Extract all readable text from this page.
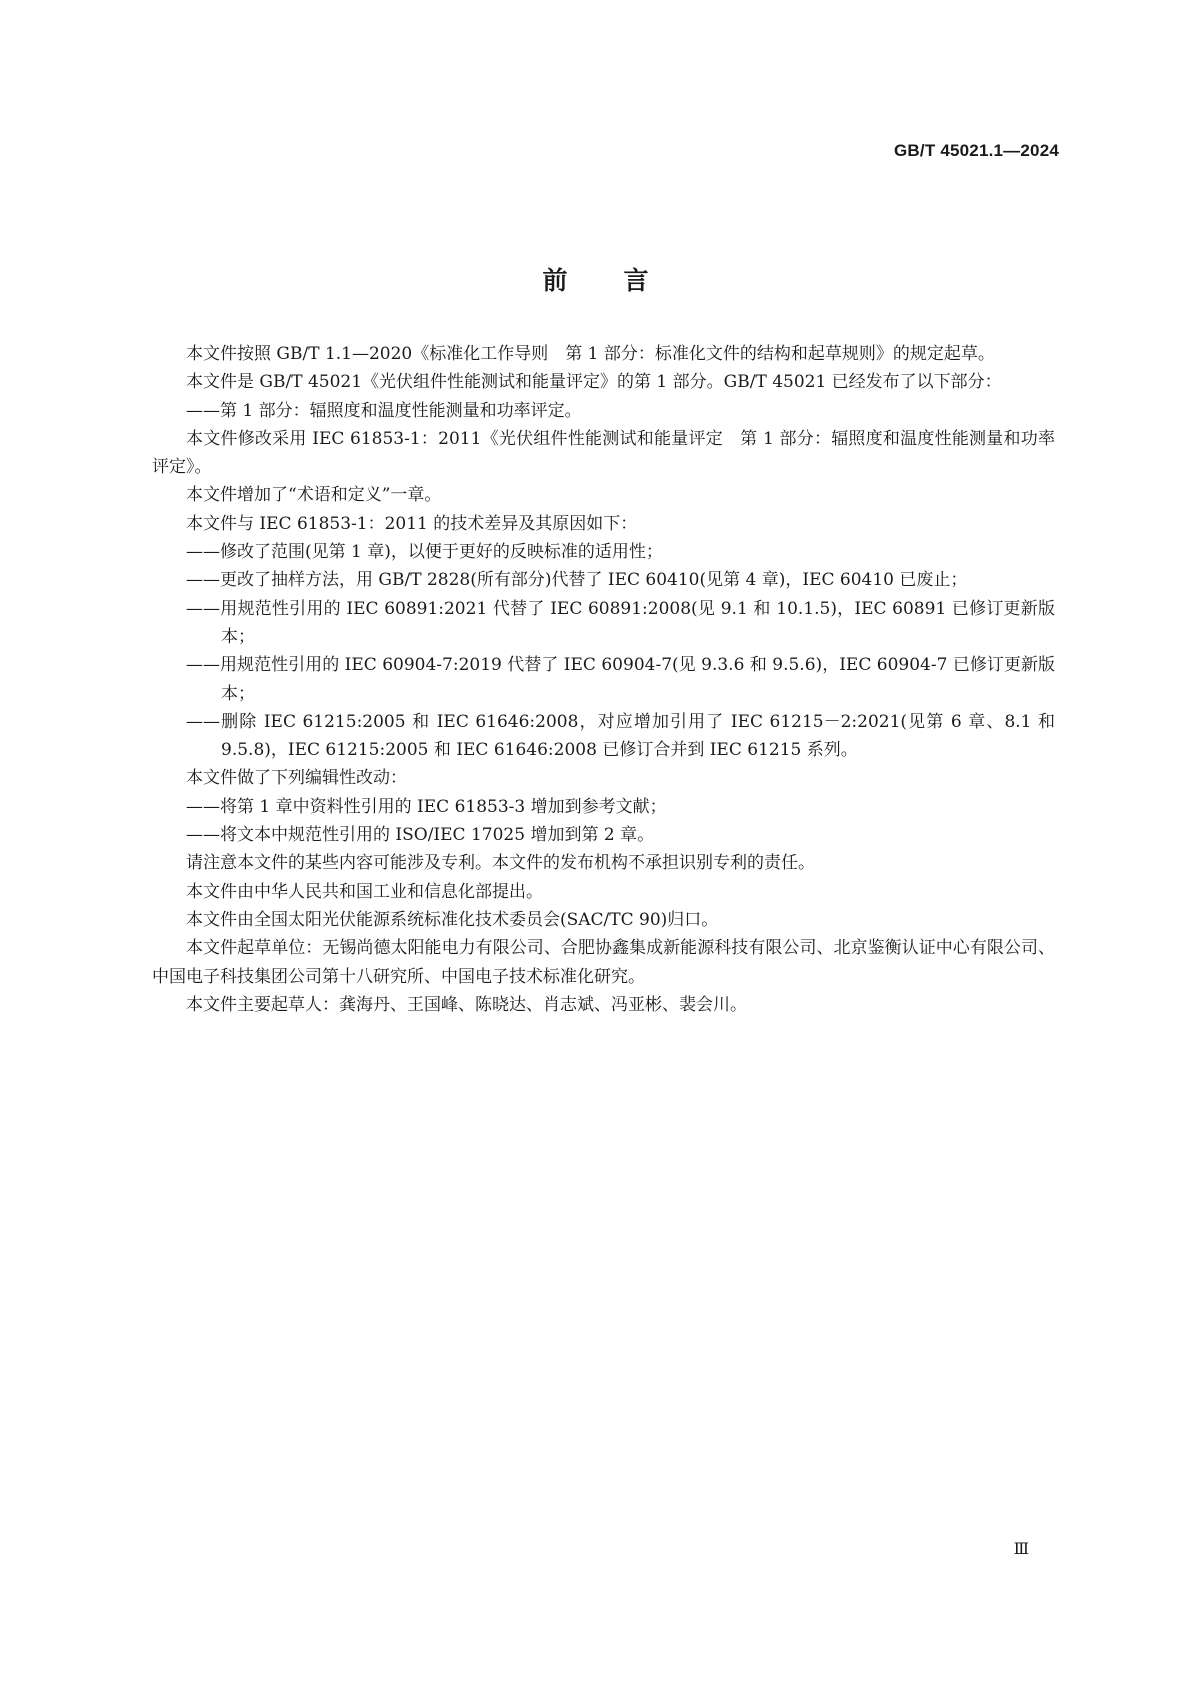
GB/T 45021.1—2024
前言

本文件按照 GB/T 1.1—2020《标准化工作导则　第 1 部分：标准化文件的结构和起草规则》的规定起草。

本文件是 GB/T 45021《光伏组件性能测试和能量评定》的第 1 部分。GB/T 45021 已经发布了以下部分：

——第 1 部分：辐照度和温度性能测量和功率评定。

本文件修改采用 IEC 61853-1：2011《光伏组件性能测试和能量评定　第 1 部分：辐照度和温度性能测量和功率评定》。

本文件增加了“术语和定义”一章。

本文件与 IEC 61853-1：2011 的技术差异及其原因如下：

——修改了范围(见第 1 章)，以便于更好的反映标准的适用性；

——更改了抽样方法，用 GB/T 2828(所有部分)代替了 IEC 60410(见第 4 章)，IEC 60410 已废止；

——用规范性引用的 IEC 60891:2021 代替了 IEC 60891:2008(见 9.1 和 10.1.5)，IEC 60891 已修订更新版本；

——用规范性引用的 IEC 60904-7:2019 代替了 IEC 60904-7(见 9.3.6 和 9.5.6)，IEC 60904-7 已修订更新版本；

——删除 IEC 61215:2005 和 IEC 61646:2008，对应增加引用了 IEC 61215－2:2021(见第 6 章、8.1 和 9.5.8)，IEC 61215:2005 和 IEC 61646:2008 已修订合并到 IEC 61215 系列。

本文件做了下列编辑性改动：

——将第 1 章中资料性引用的 IEC 61853-3 增加到参考文献；

——将文本中规范性引用的 ISO/IEC 17025 增加到第 2 章。

请注意本文件的某些内容可能涉及专利。本文件的发布机构不承担识别专利的责任。

本文件由中华人民共和国工业和信息化部提出。

本文件由全国太阳光伏能源系统标准化技术委员会(SAC/TC 90)归口。

本文件起草单位：无锡尚德太阳能电力有限公司、合肥协鑫集成新能源科技有限公司、北京鉴衡认证中心有限公司、中国电子科技集团公司第十八研究所、中国电子技术标准化研究。

本文件主要起草人：龚海丹、王国峰、陈晓达、肖志斌、冯亚彬、裴会川。

Ⅲ
